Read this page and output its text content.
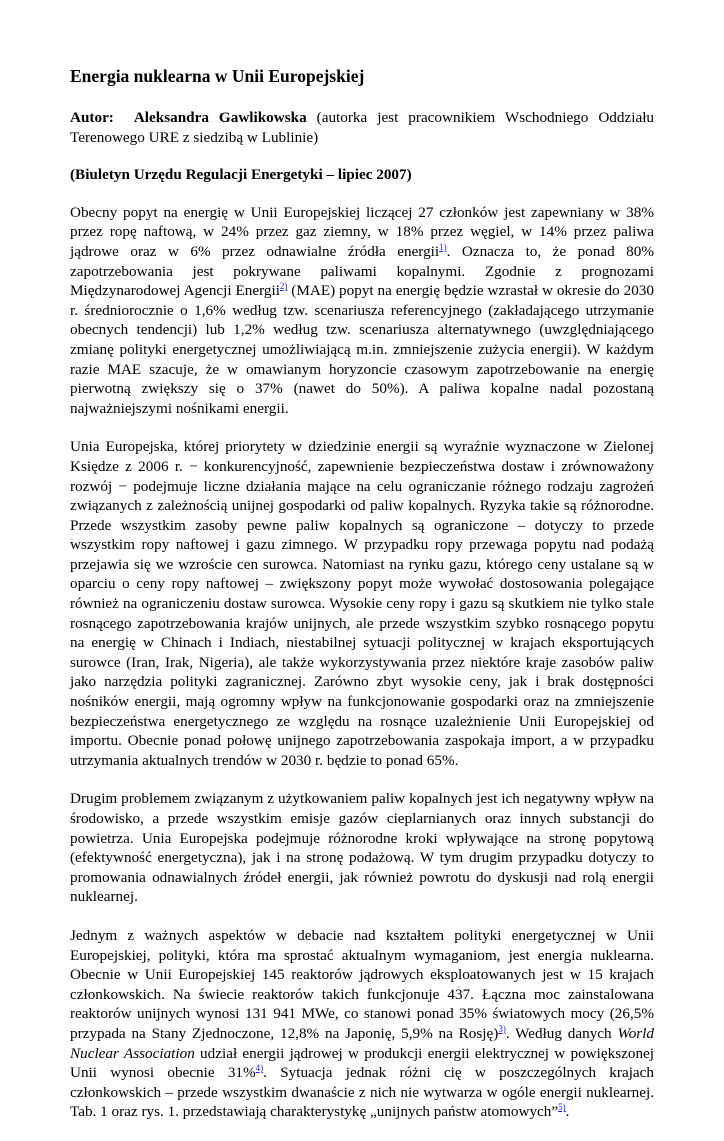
Energia nuklearna w Unii Europejskiej

Autor: Aleksandra Gawlikowska (autorka jest pracownikiem Wschodniego Oddziału Terenowego URE z siedzibą w Lublinie)

(Biuletyn Urzędu Regulacji Energetyki – lipiec 2007)

Obecny popyt na energię w Unii Europejskiej liczącej 27 członków jest zapewniany w 38% przez ropę naftową, w 24% przez gaz ziemny, w 18% przez węgiel, w 14% przez paliwa jądrowe oraz w 6% przez odnawialne źródła energii$^{1)}$. Oznacza to, że ponad 80% zapotrzebowania jest pokrywane paliwami kopalnymi. Zgodnie z prognozami Międzynarodowej Agencji Energii$^{2)}$ (MAE) popyt na energię będzie wzrastał w okresie do 2030 r. średniorocznie o 1,6% według tzw. scenariusza referencyjnego (zakładającego utrzymanie obecnych tendencji) lub 1,2% według tzw. scenariusza alternatywnego (uwzględniającego zmianę polityki energetycznej umożliwiającą m.in. zmniejszenie zużycia energii). W każdym razie MAE szacuje, że w omawianym horyzoncie czasowym zapotrzebowanie na energię pierwotną zwiększy się o 37% (nawet do 50%). A paliwa kopalne nadal pozostaną najważniejszymi nośnikami energii.

Unia Europejska, której priorytety w dziedzinie energii są wyraźnie wyznaczone w Zielonej Księdze z 2006 r. − konkurencyjność, zapewnienie bezpieczeństwa dostaw i zrównoważony rozwój − podejmuje liczne działania mające na celu ograniczanie różnego rodzaju zagrożeń związanych z zależnością unijnej gospodarki od paliw kopalnych. Ryzyka takie są różnorodne. Przede wszystkim zasoby pewne paliw kopalnych są ograniczone – dotyczy to przede wszystkim ropy naftowej i gazu zimnego. W przypadku ropy przewaga popytu nad podażą przejawia się we wzroście cen surowca. Natomiast na rynku gazu, którego ceny ustalane są w oparciu o ceny ropy naftowej – zwiększony popyt może wywołać dostosowania polegające również na ograniczeniu dostaw surowca. Wysokie ceny ropy i gazu są skutkiem nie tylko stale rosnącego zapotrzebowania krajów unijnych, ale przede wszystkim szybko rosnącego popytu na energię w Chinach i Indiach, niestabilnej sytuacji politycznej w krajach eksportujących surowce (Iran, Irak, Nigeria), ale także wykorzystywania przez niektóre kraje zasobów paliw jako narzędzia polityki zagranicznej. Zarówno zbyt wysokie ceny, jak i brak dostępności nośników energii, mają ogromny wpływ na funkcjonowanie gospodarki oraz na zmniejszenie bezpieczeństwa energetycznego ze względu na rosnące uzależnienie Unii Europejskiej od importu. Obecnie ponad połowę unijnego zapotrzebowania zaspokaja import, a w przypadku utrzymania aktualnych trendów w 2030 r. będzie to ponad 65%.

Drugim problemem związanym z użytkowaniem paliw kopalnych jest ich negatywny wpływ na środowisko, a przede wszystkim emisje gazów cieplarnianych oraz innych substancji do powietrza. Unia Europejska podejmuje różnorodne kroki wpływające na stronę popytową (efektywność energetyczna), jak i na stronę podażową. W tym drugim przypadku dotyczy to promowania odnawialnych źródeł energii, jak również powrotu do dyskusji nad rolą energii nuklearnej.

Jednym z ważnych aspektów w debacie nad kształtem polityki energetycznej w Unii Europejskiej, polityki, która ma sprostać aktualnym wymaganiom, jest energia nuklearna. Obecnie w Unii Europejskiej 145 reaktorów jądrowych eksploatowanych jest w 15 krajach członkowskich. Na świecie reaktorów takich funkcjonuje 437. Łączna moc zainstalowana reaktorów unijnych wynosi 131 941 MWe, co stanowi ponad 35% światowych mocy (26,5% przypada na Stany Zjednoczone, 12,8% na Japonię, 5,9% na Rosję)$^{3)}$. Według danych World Nuclear Association udział energii jądrowej w produkcji energii elektrycznej w powiększonej Unii wynosi obecnie 31%$^{4)}$. Sytuacja jednak różni cię w poszczególnych krajach członkowskich – przede wszystkim dwanaście z nich nie wytwarza w ogóle energii nuklearnej. Tab. 1 oraz rys. 1. przedstawiają charakterystykę „unijnych państw atomowych”$^{5)}$.
